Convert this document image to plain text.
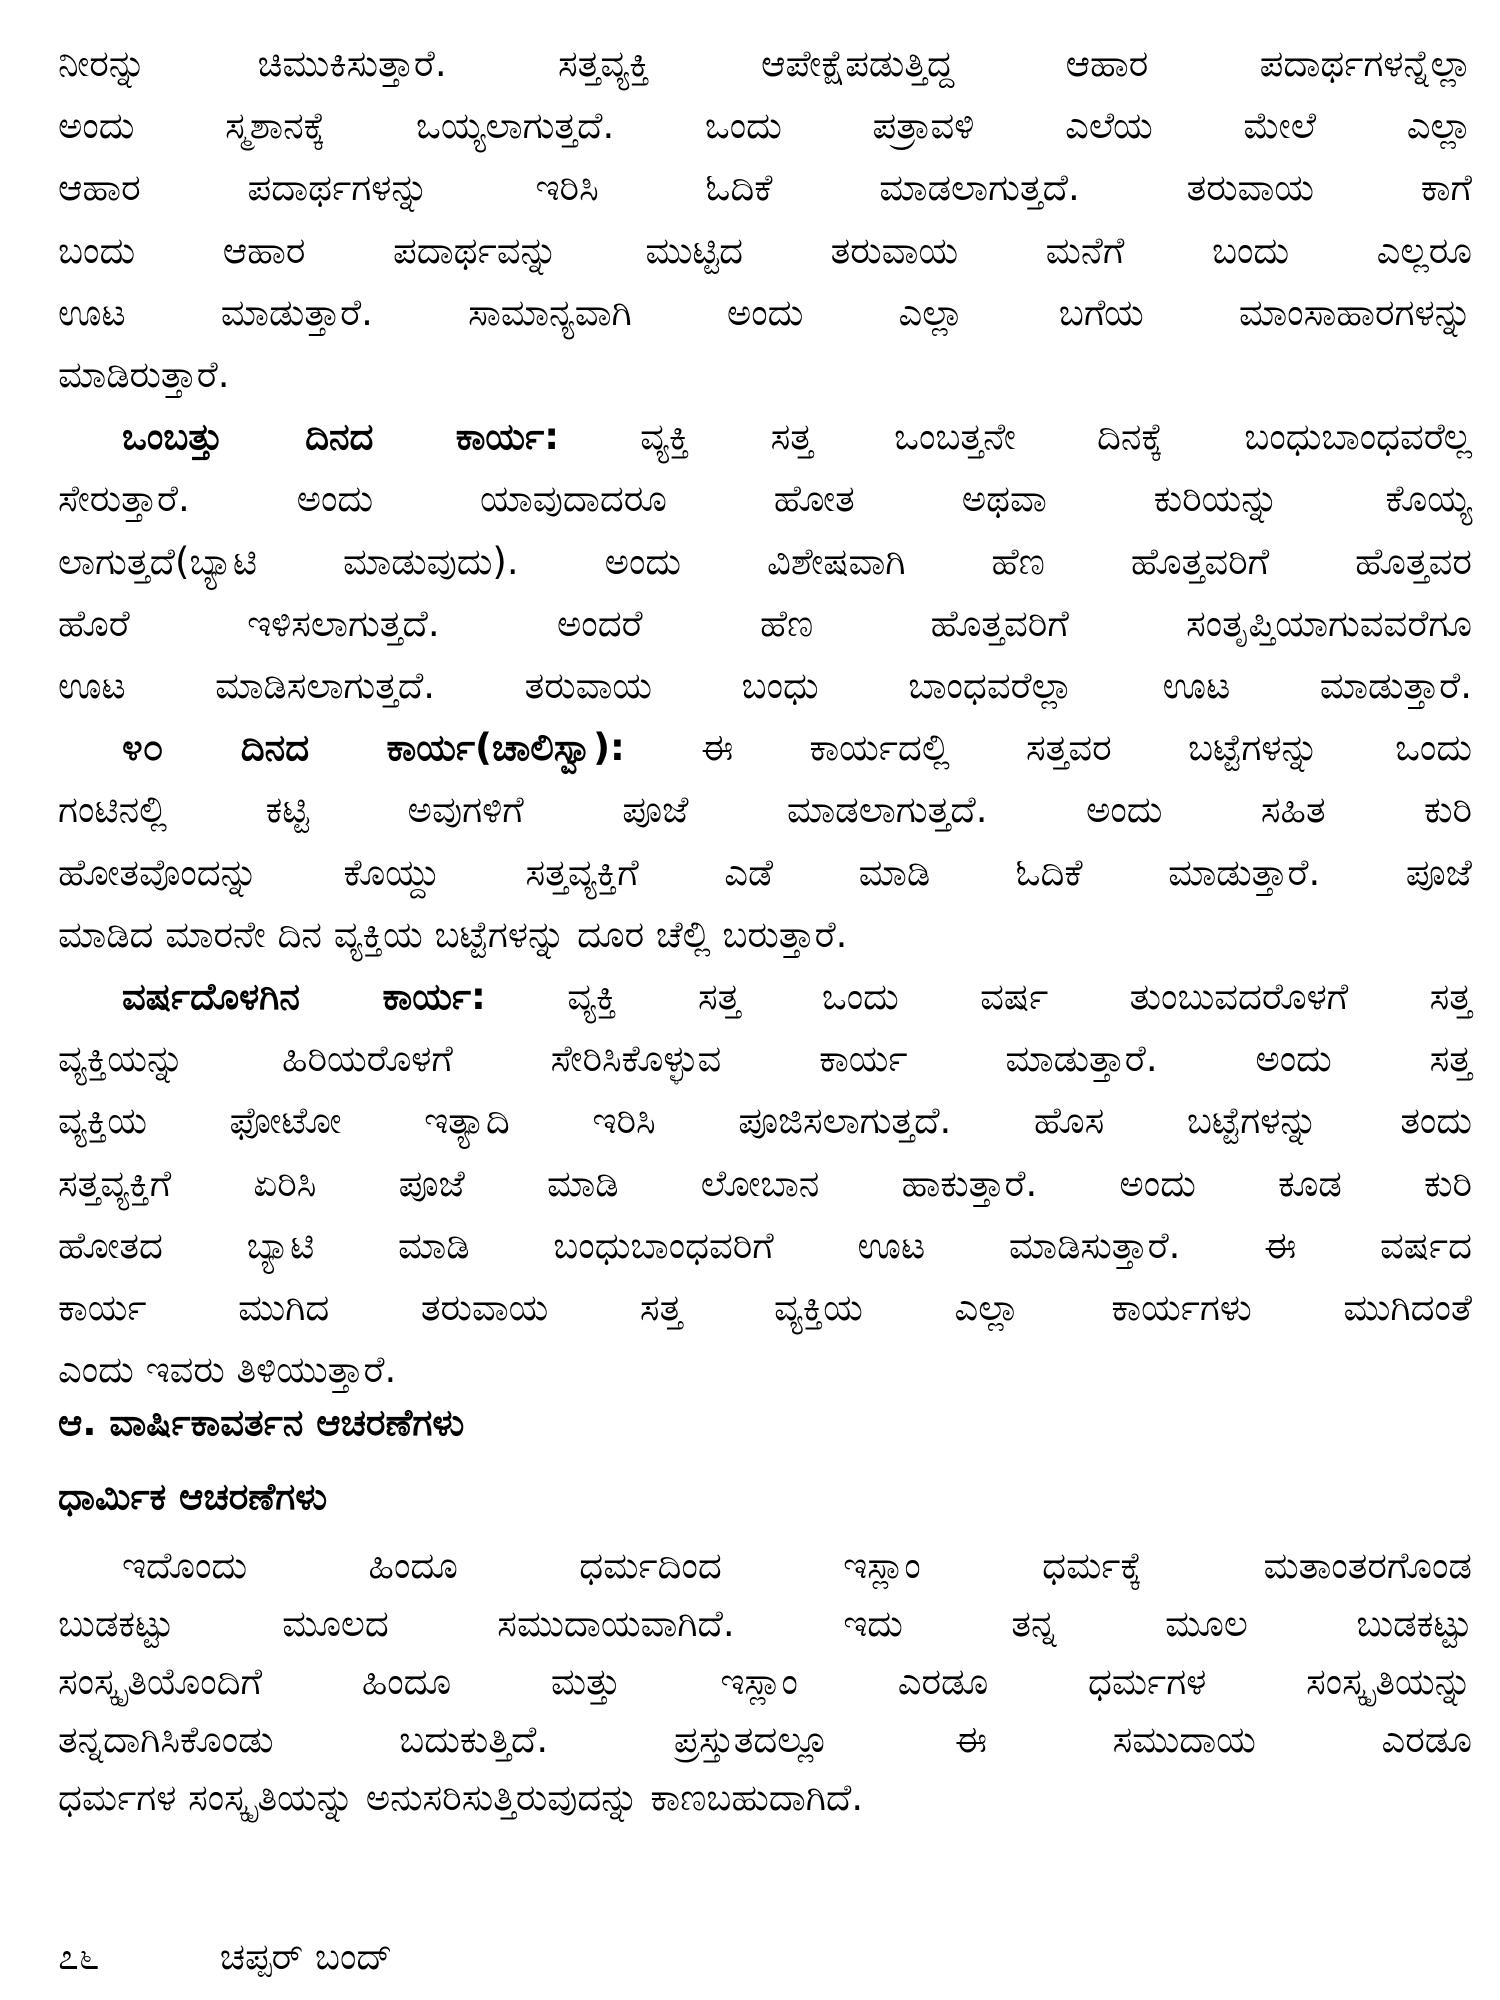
ನೀರನ್ನು ಚಿಮುಕಿಸುತ್ತಾರೆ. ಸತ್ತವ್ಯಕ್ತಿ ಆಪೇಕ್ಷೆಪಡುತ್ತಿದ್ದ ಆಹಾರ ಪದಾರ್ಥಗಳನ್ನೆಲ್ಲಾ
ಅಂದು ಸ್ಮಶಾನಕ್ಕೆ ಒಯ್ಯಲಾಗುತ್ತದೆ. ಒಂದು ಪತ್ರಾವಳಿ ಎಲೆಯ ಮೇಲೆ ಎಲ್ಲಾ
ಆಹಾರ ಪದಾರ್ಥಗಳನ್ನು ಇರಿಸಿ ಓದಿಕೆ ಮಾಡಲಾಗುತ್ತದೆ. ತರುವಾಯ ಕಾಗೆ
ಬಂದು ಆಹಾರ ಪದಾರ್ಥವನ್ನು ಮುಟ್ಟಿದ ತರುವಾಯ ಮನೆಗೆ ಬಂದು ಎಲ್ಲರೂ
ಊಟ ಮಾಡುತ್ತಾರೆ. ಸಾಮಾನ್ಯವಾಗಿ ಅಂದು ಎಲ್ಲಾ ಬಗೆಯ ಮಾಂಸಾಹಾರಗಳನ್ನು
ಮಾಡಿರುತ್ತಾರೆ.
ಒಂಬತ್ತು ದಿನದ ಕಾರ್ಯ: ವ್ಯಕ್ತಿ ಸತ್ತ ಒಂಬತ್ತನೇ ದಿನಕ್ಕೆ ಬಂಧುಬಾಂಧವರೆಲ್ಲ
ಸೇರುತ್ತಾರೆ. ಅಂದು ಯಾವುದಾದರೂ ಹೋತ ಅಥವಾ ಕುರಿಯನ್ನು ಕೊಯ್ಯ
ಲಾಗುತ್ತದೆ(ಬ್ಯಾಟಿ ಮಾಡುವುದು). ಅಂದು ವಿಶೇಷವಾಗಿ ಹೆಣ ಹೊತ್ತವರಿಗೆ ಹೊತ್ತವರ
ಹೊರೆ ಇಳಿಸಲಾಗುತ್ತದೆ. ಅಂದರೆ ಹೆಣ ಹೊತ್ತವರಿಗೆ ಸಂತೃಪ್ತಿಯಾಗುವವರೆಗೂ
ಊಟ ಮಾಡಿಸಲಾಗುತ್ತದೆ. ತರುವಾಯ ಬಂಧು ಬಾಂಧವರೆಲ್ಲಾ ಊಟ ಮಾಡುತ್ತಾರೆ.
೪೦ ದಿನದ ಕಾರ್ಯ(ಚಾಲಿಸ್ವಾ): ಈ ಕಾರ್ಯದಲ್ಲಿ ಸತ್ತವರ ಬಟ್ಟೆಗಳನ್ನು ಒಂದು
ಗಂಟಿನಲ್ಲಿ ಕಟ್ಟಿ ಅವುಗಳಿಗೆ ಪೂಜೆ ಮಾಡಲಾಗುತ್ತದೆ. ಅಂದು ಸಹಿತ ಕುರಿ
ಹೋತವೊಂದನ್ನು ಕೊಯ್ದು ಸತ್ತವ್ಯಕ್ತಿಗೆ ಎಡೆ ಮಾಡಿ ಓದಿಕೆ ಮಾಡುತ್ತಾರೆ. ಪೂಜೆ
ಮಾಡಿದ ಮಾರನೇ ದಿನ ವ್ಯಕ್ತಿಯ ಬಟ್ಟೆಗಳನ್ನು ದೂರ ಚೆಲ್ಲಿ ಬರುತ್ತಾರೆ.
ವರ್ಷದೊಳಗಿನ ಕಾರ್ಯ: ವ್ಯಕ್ತಿ ಸತ್ತ ಒಂದು ವರ್ಷ ತುಂಬುವದರೊಳಗೆ ಸತ್ತ
ವ್ಯಕ್ತಿಯನ್ನು ಹಿರಿಯರೊಳಗೆ ಸೇರಿಸಿಕೊಳ್ಳುವ ಕಾರ್ಯ ಮಾಡುತ್ತಾರೆ. ಅಂದು ಸತ್ತ
ವ್ಯಕ್ತಿಯ ಫೋಟೋ ಇತ್ಯಾದಿ ಇರಿಸಿ ಪೂಜಿಸಲಾಗುತ್ತದೆ. ಹೊಸ ಬಟ್ಟೆಗಳನ್ನು ತಂದು
ಸತ್ತವ್ಯಕ್ತಿಗೆ ಏರಿಸಿ ಪೂಜೆ ಮಾಡಿ ಲೋಬಾನ ಹಾಕುತ್ತಾರೆ. ಅಂದು ಕೂಡ ಕುರಿ
ಹೋತದ ಬ್ಯಾಟಿ ಮಾಡಿ ಬಂಧುಬಾಂಧವರಿಗೆ ಊಟ ಮಾಡಿಸುತ್ತಾರೆ. ಈ ವರ್ಷದ
ಕಾರ್ಯ ಮುಗಿದ ತರುವಾಯ ಸತ್ತ ವ್ಯಕ್ತಿಯ ಎಲ್ಲಾ ಕಾರ್ಯಗಳು ಮುಗಿದಂತೆ
ಎಂದು ಇವರು ತಿಳಿಯುತ್ತಾರೆ.
ಆ. ವಾರ್ಷಿಕಾವರ್ತನ ಆಚರಣೆಗಳು
ಧಾರ್ಮಿಕ ಆಚರಣೆಗಳು
ಇದೊಂದು ಹಿಂದೂ ಧರ್ಮದಿಂದ ಇಸ್ಲಾಂ ಧರ್ಮಕ್ಕೆ ಮತಾಂತರಗೊಂಡ
ಬುಡಕಟ್ಟು ಮೂಲದ ಸಮುದಾಯವಾಗಿದೆ. ಇದು ತನ್ನ ಮೂಲ ಬುಡಕಟ್ಟು
ಸಂಸ್ಕೃತಿಯೊಂದಿಗೆ ಹಿಂದೂ ಮತ್ತು ಇಸ್ಲಾಂ ಎರಡೂ ಧರ್ಮಗಳ ಸಂಸ್ಕೃತಿಯನ್ನು
ತನ್ನದಾಗಿಸಿಕೊಂಡು ಬದುಕುತ್ತಿದೆ. ಪ್ರಸ್ತುತದಲ್ಲೂ ಈ ಸಮುದಾಯ ಎರಡೂ
ಧರ್ಮಗಳ ಸಂಸ್ಕೃತಿಯನ್ನು ಅನುಸರಿಸುತ್ತಿರುವುದನ್ನು ಕಾಣಬಹುದಾಗಿದೆ.
೭೬	ಚಪ್ಪರ್ ಬಂದ್
